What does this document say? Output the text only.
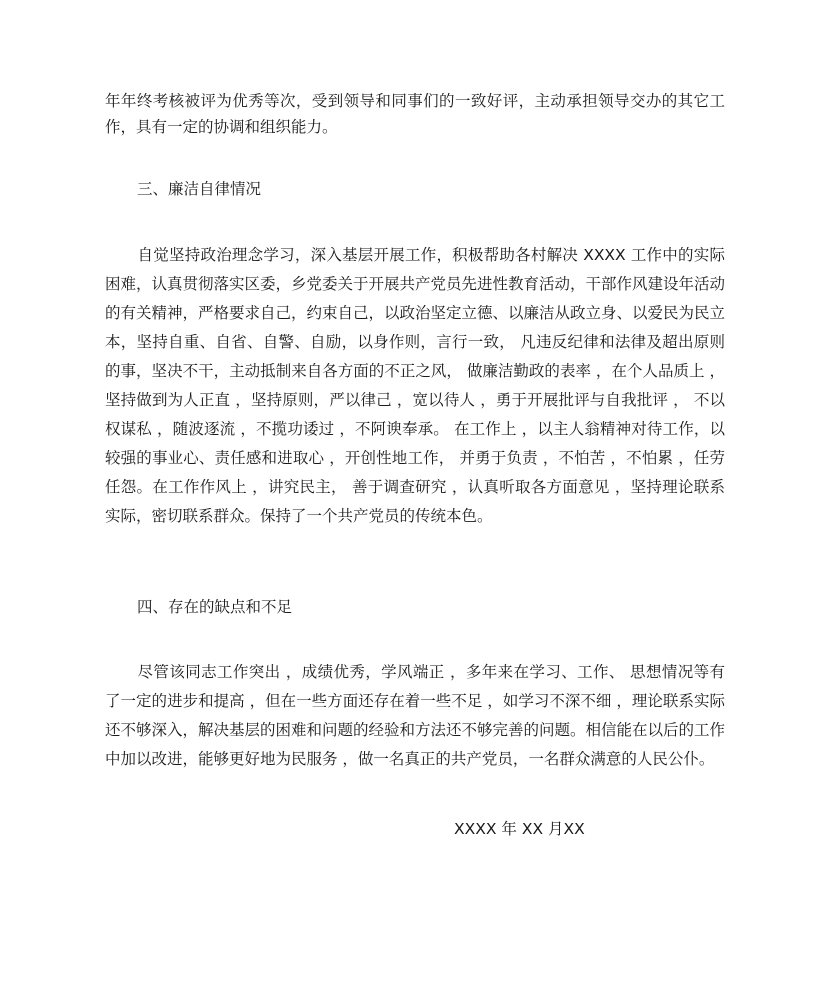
年年终考核被评为优秀等次，受到领导和同事们的一致好评，主动承担领导交办的其它工作，具有一定的协调和组织能力。

三、廉洁自律情况

自觉坚持政治理念学习，深入基层开展工作，积极帮助各村解决 XXXX 工作中的实际困难，认真贯彻落实区委，乡党委关于开展共产党员先进性教育活动，干部作风建设年活动的有关精神，严格要求自己，约束自己，以政治坚定立德、以廉洁从政立身、以爱民为民立本，坚持自重、自省、自警、自励，以身作则，言行一致， 凡违反纪律和法律及超出原则的事，坚决不干，主动抵制来自各方面的不正之风， 做廉洁勤政的表率 ，在个人品质上 ，坚持做到为人正直 ，坚持原则，严以律己 ，宽以待人 ，勇于开展批评与自我批评 ， 不以权谋私 ，随波逐流 ，不揽功诿过 ，不阿谀奉承。 在工作上 ，以主人翁精神对待工作，以较强的事业心、责任感和进取心 ，开创性地工作， 并勇于负责 ，不怕苦 ，不怕累 ，任劳任怨。在工作作风上 ，讲究民主， 善于调查研究 ，认真听取各方面意见 ，坚持理论联系实际，密切联系群众。保持了一个共产党员的传统本色。

四、存在的缺点和不足

尽管该同志工作突出 ，成绩优秀，学风端正 ，多年来在学习、工作、 思想情况等有了一定的进步和提高 ，但在一些方面还存在着一些不足 ，如学习不深不细 ，理论联系实际还不够深入，解决基层的困难和问题的经验和方法还不够完善的问题。相信能在以后的工作中加以改进，能够更好地为民服务 ，做一名真正的共产党员，一名群众满意的人民公仆。

XXXX 年 XX 月XX
